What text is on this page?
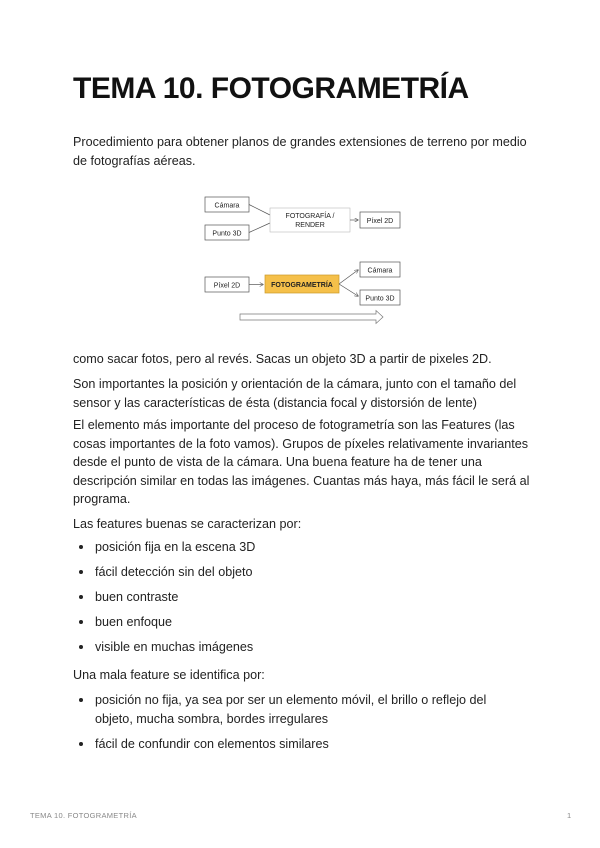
TEMA 10. FOTOGRAMETRÍA

Procedimiento para obtener planos de grandes extensiones de terreno por medio de fotografías aéreas.

Cámara
Punto 3D
FOTOGRAFÍA /
RENDER
Píxel 2D
Píxel 2D	FOTOGRAMETRÍA
Cámara
Punto 3D

como sacar fotos, pero al revés. Sacas un objeto 3D a partir de pixeles 2D.

Son importantes la posición y orientación de la cámara, junto con el tamaño del sensor y las características de ésta (distancia focal y distorsión de lente)

El elemento más importante del proceso de fotogrametría son las Features (las cosas importantes de la foto vamos). Grupos de píxeles relativamente invariantes desde el punto de vista de la cámara. Una buena feature ha de tener una descripción similar en todas las imágenes. Cuantas más haya, más fácil le será al programa.

Las features buenas se caracterizan por:

posición fija en la escena 3D
fácil detección sin del objeto
buen contraste
buen enfoque
visible en muchas imágenes

Una mala feature se identifica por:

posición no fija, ya sea por ser un elemento móvil, el brillo o reflejo del objeto, mucha sombra, bordes irregulares
fácil de confundir con elementos similares
TEMA 10. FOTOGRAMETRÍA	1
